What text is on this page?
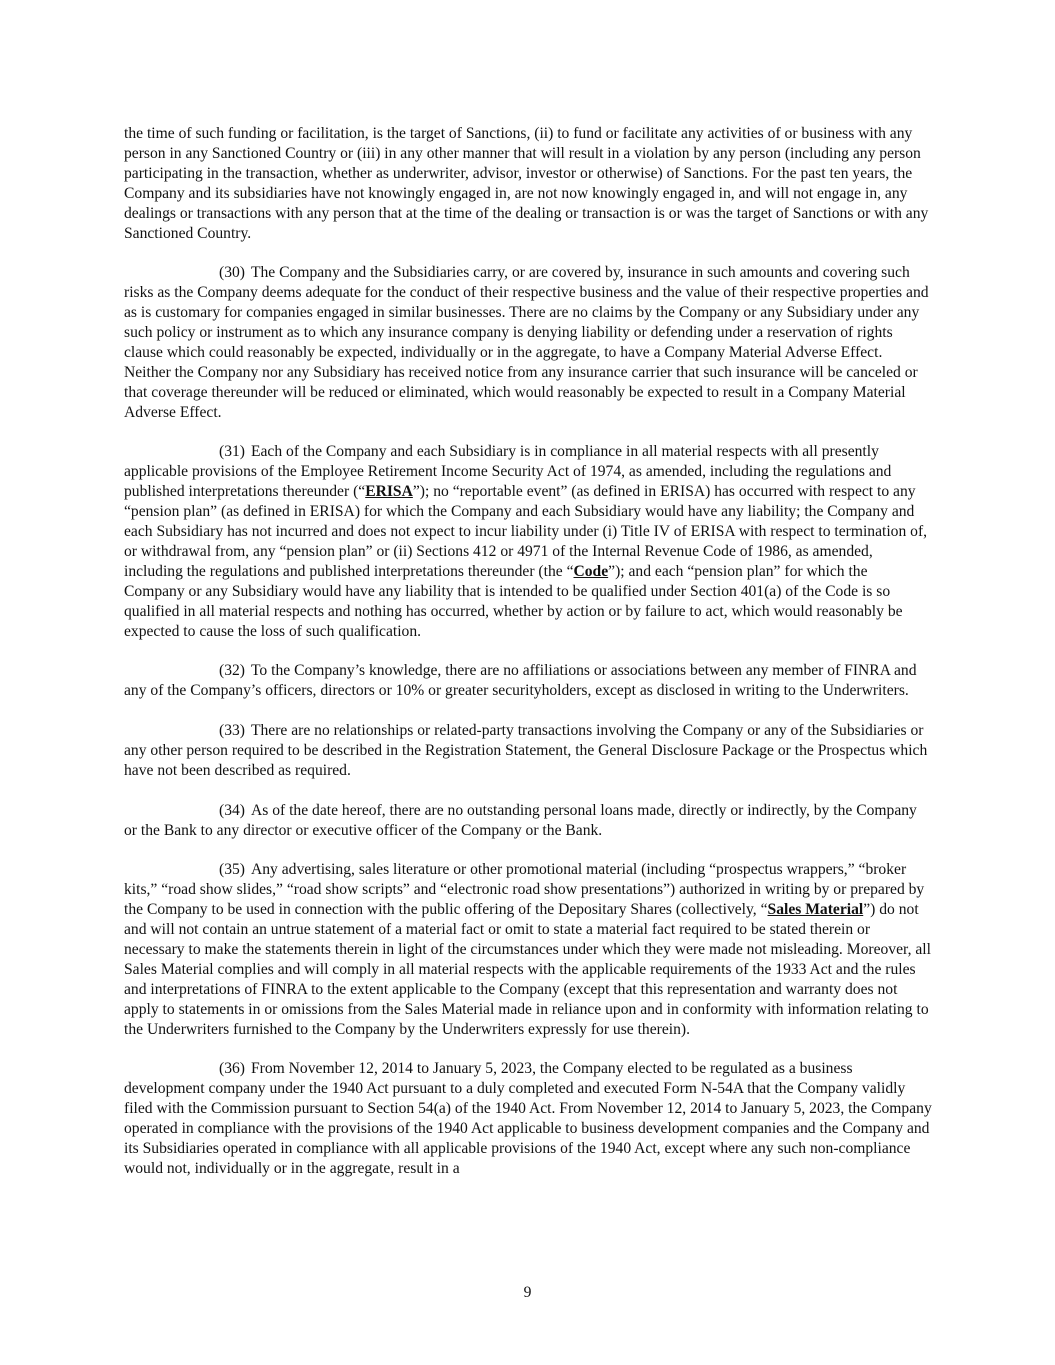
the time of such funding or facilitation, is the target of Sanctions, (ii) to fund or facilitate any activities of or business with any person in any Sanctioned Country or (iii) in any other manner that will result in a violation by any person (including any person participating in the transaction, whether as underwriter, advisor, investor or otherwise) of Sanctions. For the past ten years, the Company and its subsidiaries have not knowingly engaged in, are not now knowingly engaged in, and will not engage in, any dealings or transactions with any person that at the time of the dealing or transaction is or was the target of Sanctions or with any Sanctioned Country.

(30) The Company and the Subsidiaries carry, or are covered by, insurance in such amounts and covering such risks as the Company deems adequate for the conduct of their respective business and the value of their respective properties and as is customary for companies engaged in similar businesses. There are no claims by the Company or any Subsidiary under any such policy or instrument as to which any insurance company is denying liability or defending under a reservation of rights clause which could reasonably be expected, individually or in the aggregate, to have a Company Material Adverse Effect. Neither the Company nor any Subsidiary has received notice from any insurance carrier that such insurance will be canceled or that coverage thereunder will be reduced or eliminated, which would reasonably be expected to result in a Company Material Adverse Effect.

(31) Each of the Company and each Subsidiary is in compliance in all material respects with all presently applicable provisions of the Employee Retirement Income Security Act of 1974, as amended, including the regulations and published interpretations thereunder (“ERISA”); no “reportable event” (as defined in ERISA) has occurred with respect to any “pension plan” (as defined in ERISA) for which the Company and each Subsidiary would have any liability; the Company and each Subsidiary has not incurred and does not expect to incur liability under (i) Title IV of ERISA with respect to termination of, or withdrawal from, any “pension plan” or (ii) Sections 412 or 4971 of the Internal Revenue Code of 1986, as amended, including the regulations and published interpretations thereunder (the “Code”); and each “pension plan” for which the Company or any Subsidiary would have any liability that is intended to be qualified under Section 401(a) of the Code is so qualified in all material respects and nothing has occurred, whether by action or by failure to act, which would reasonably be expected to cause the loss of such qualification.

(32) To the Company’s knowledge, there are no affiliations or associations between any member of FINRA and any of the Company’s officers, directors or 10% or greater securityholders, except as disclosed in writing to the Underwriters.

(33) There are no relationships or related-party transactions involving the Company or any of the Subsidiaries or any other person required to be described in the Registration Statement, the General Disclosure Package or the Prospectus which have not been described as required.

(34) As of the date hereof, there are no outstanding personal loans made, directly or indirectly, by the Company or the Bank to any director or executive officer of the Company or the Bank.

(35) Any advertising, sales literature or other promotional material (including “prospectus wrappers,” “broker kits,” “road show slides,” “road show scripts” and “electronic road show presentations”) authorized in writing by or prepared by the Company to be used in connection with the public offering of the Depositary Shares (collectively, “Sales Material”) do not and will not contain an untrue statement of a material fact or omit to state a material fact required to be stated therein or necessary to make the statements therein in light of the circumstances under which they were made not misleading. Moreover, all Sales Material complies and will comply in all material respects with the applicable requirements of the 1933 Act and the rules and interpretations of FINRA to the extent applicable to the Company (except that this representation and warranty does not apply to statements in or omissions from the Sales Material made in reliance upon and in conformity with information relating to the Underwriters furnished to the Company by the Underwriters expressly for use therein).

(36) From November 12, 2014 to January 5, 2023, the Company elected to be regulated as a business development company under the 1940 Act pursuant to a duly completed and executed Form N-54A that the Company validly filed with the Commission pursuant to Section 54(a) of the 1940 Act. From November 12, 2014 to January 5, 2023, the Company operated in compliance with the provisions of the 1940 Act applicable to business development companies and the Company and its Subsidiaries operated in compliance with all applicable provisions of the 1940 Act, except where any such non-compliance would not, individually or in the aggregate, result in a

9
